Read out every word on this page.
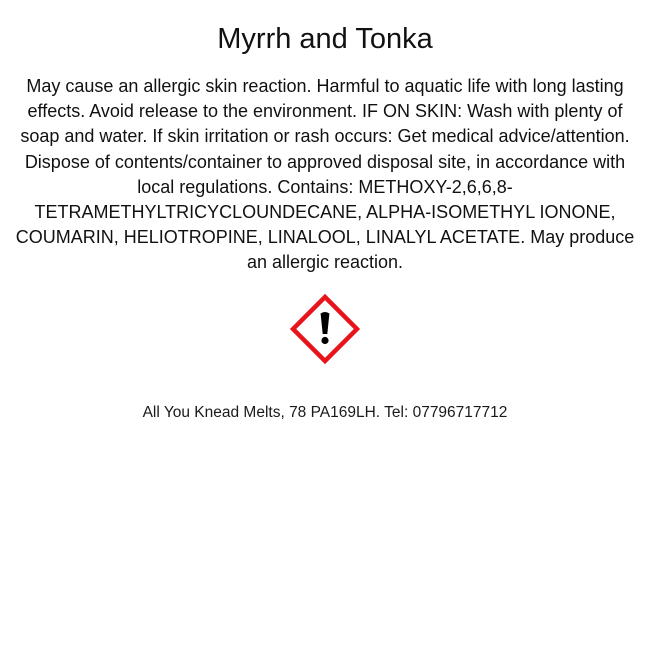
Myrrh and Tonka

May cause an allergic skin reaction. Harmful to aquatic life with long lasting effects. Avoid release to the environment. IF ON SKIN: Wash with plenty of soap and water. If skin irritation or rash occurs: Get medical advice/attention. Dispose of contents/container to approved disposal site, in accordance with local regulations. Contains: METHOXY-2,6,6,8-TETRAMETHYLTRICYCLOUNDECANE, ALPHA-ISOMETHYL IONONE, COUMARIN, HELIOTROPINE, LINALOOL, LINALYL ACETATE. May produce an allergic reaction.

All You Knead Melts, 78 PA169LH. Tel: 07796717712
